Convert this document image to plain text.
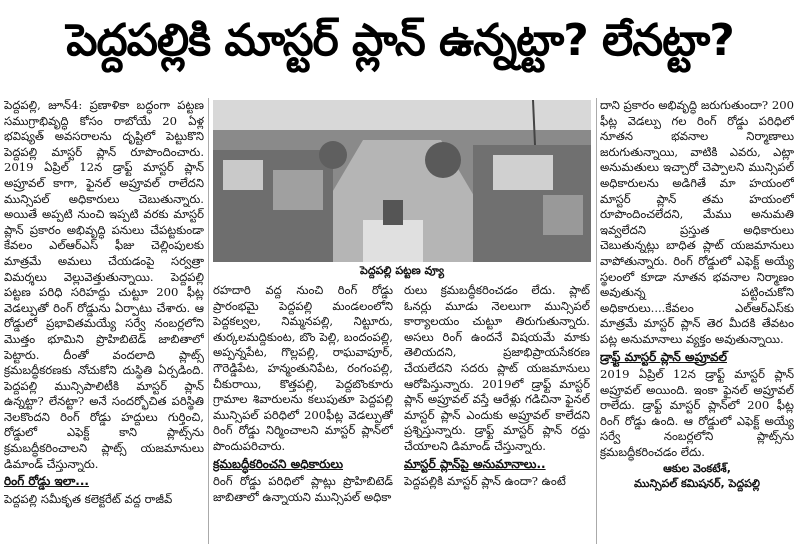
పెద్దపల్లికి మాస్టర్ ప్లాన్ ఉన్నట్టా? లేనట్టా?

పెద్దపల్లి, జూన్4: ప్రణాళికా బద్ధంగా పట్టణ సముగ్రాభివృద్ధి కోసం రాబోయే 20 ఏళ్ల భవిష్యత్ అవసరాలను దృష్టిలో పెట్టుకొని పెద్దపల్లి మాస్టర్ ప్లాన్ రూపొందించారు. 2019 ఏప్రిల్ 12న డ్రాఫ్ట్ మాస్టర్ ప్లాన్ అప్రూవల్ కాగా, ఫైనల్ అప్రూవల్ రాలేదని మున్సిపల్ అధికారులు చెబుతున్నారు. అయితే అప్పటి నుంచి ఇప్పటి వరకు మాస్టర్ ప్లాన్ ప్రకారం అభివృద్ధి పనులు చేపట్టకుండా కేవలం ఎల్ఆర్ఎస్ ఫీజు చెల్లింపులకు మాత్రమే అమలు చేయడంపై సర్వత్రా విమర్శలు వెల్లువెత్తుతున్నాయి. పెద్దపల్లి పట్టణ పరిధి సరిహద్దు చుట్టూ 200 ఫీట్ల వెడల్పుతో రింగ్ రోడ్డును ఏర్పాటు చేశారు. ఆ రోడ్డులో ప్రభావితమయ్యే సర్వే నంబర్లలోని మొత్తం భూమిని ప్రొహిబిటెడ్ జాబితాలో పెట్టారు. దీంతో వందలాది ప్లాట్స్ క్రమబద్ధీకరణకు నోచుకోని దుస్థితి ఏర్పడింది. పెద్దపల్లి మున్సిపాలిటీకి మాస్టర్ ప్లాన్ ఉన్నట్టా? లేనట్టా? అనే సందర్భోచిత పరిస్థితి నెలకొందని రింగ్ రోడ్డు హద్దులు గుర్తించి, రోడ్డులో ఎఫెక్ట్ కాని ప్లాట్స్‌ను క్రమబద్ధీకరించాలని ప్లాట్స్ యజమానులు డిమాండ్ చేస్తున్నారు.

రింగ్ రోడ్డు ఇలా...

పెద్దపల్లి సమీకృత కలెక్టరేట్ వద్ద రాజీవ్

పెద్దపల్లి పట్టణ వ్యూ

రహదారి వద్ద నుంచి రింగ్ రోడ్డు ప్రారంభమై పెద్దపల్లి మండలంలోని పెద్దకల్వల, నిమ్మనపల్లి, నిట్టూరు, తుర్కలమద్దికుంట, బొం పెల్లి, బందంపల్లి, అప్పన్నపేట, గొల్లపల్లి, రాఘవాపూర్, గౌరెడ్డిపేట, హన్మంతునిపేట, రంగంపల్లి, చీకురాయి, కొత్తపల్లి, పెద్దబొంకూరు గ్రామాల శివారులను కలుపుతూ పెద్దపల్లి మున్సిపల్ పరిధిలో 200ఫీట్ల వెడల్పుతో రింగ్ రోడ్డు నిర్మించాలని మాస్టర్ ప్లాన్‌లో పొందుపరిచారు.

క్రమబద్ధీకరించని అధికారులు

రింగ్ రోడ్డు పరిధిలో ప్లాట్లు ప్రొహిబిటెడ్ జాబితాలో ఉన్నాయని మున్సిపల్ అధికా

రులు క్రమబద్ధీకరించడం లేదు. ప్లాట్ ఓనర్లు మూడు నెలలుగా మున్సిపల్ కార్యాలయం చుట్టూ తిరుగుతున్నారు. అసలు రింగ్ ఉందనే విషయమే మాకు తెలియదని, ప్రజాభిప్రాయసేకరణ చేయలేదని సదరు ప్లాట్ యజమానులు ఆరోపిస్తున్నారు. 2019లో డ్రాఫ్ట్ మాస్టర్ ప్లాన్ అప్రూవల్ వస్తే ఆరేళ్లు గడిచినా ఫైనల్ మాస్టర్ ప్లాన్ ఎందుకు అప్రూవల్ కాలేదని ప్రశ్నిస్తున్నారు. డ్రాఫ్ట్ మాస్టర్ ప్లాన్ రద్దు చేయాలని డిమాండ్ చేస్తున్నారు.

మాస్టర్ ప్లాన్‌పై అనుమానాలు..

పెద్దపల్లికి మాస్టర్ ప్లాన్ ఉందా? ఉంటే

దాని ప్రకారం అభివృద్ధి జరుగుతుందా? 200 ఫీట్ల వెడల్పు గల రింగ్ రోడ్డు పరిధిలో నూతన భవనాల నిర్మాణాలు జరుగుతున్నాయి, వాటికి ఎవరు, ఎట్లా అనుమతులు ఇచ్చారో చెప్పాలని మున్సిపల్ అధికారులను అడిగితే మా హయంలో మాస్టర్ ప్లాన్ తమ హయంలో రూపొందించలేదని, మేము అనుమతి ఇవ్వలేదని ప్రస్తుత అధికారులు చెబుతున్నట్లు బాధిత ప్లాట్ యజమానులు వాపోతున్నారు. రింగ్ రోడ్డులో ఎఫెక్ట్ అయ్యే స్థలంలో కూడా నూతన భవనాల నిర్మాణం అవుతున్న పట్టించుకోని అధికారులు....కేవలం ఎల్ఆర్ఎస్‌కు మాత్రమే మాస్టర్ ప్లాన్ తెర మీదకి తేవటం పట్ల అనుమానాలు వ్యక్తం అవుతున్నాయి.

డ్రాఫ్ట్ మాస్టర్ ప్లాన్ అప్రూవల్

2019 ఏప్రిల్ 12న డ్రాఫ్ట్ మాస్టర్ ప్లాన్ అప్రూవల్ అయింది. ఇంకా ఫైనల్ అప్రూవల్ రాలేదు. డ్రాఫ్ట్ మాస్టర్ ప్లాన్‌లో 200 ఫీట్ల రింగ్ రోడ్డు ఉంది. ఆ రోడ్డులో ఎఫెక్ట్ అయ్యే సర్వే నంబర్లలోని ప్లాట్స్‌ను క్రమబద్ధీకరించడం లేదు.

ఆకుల వెంకటేశ్,
మున్సిపల్ కమిషనర్, పెద్దపల్లి
